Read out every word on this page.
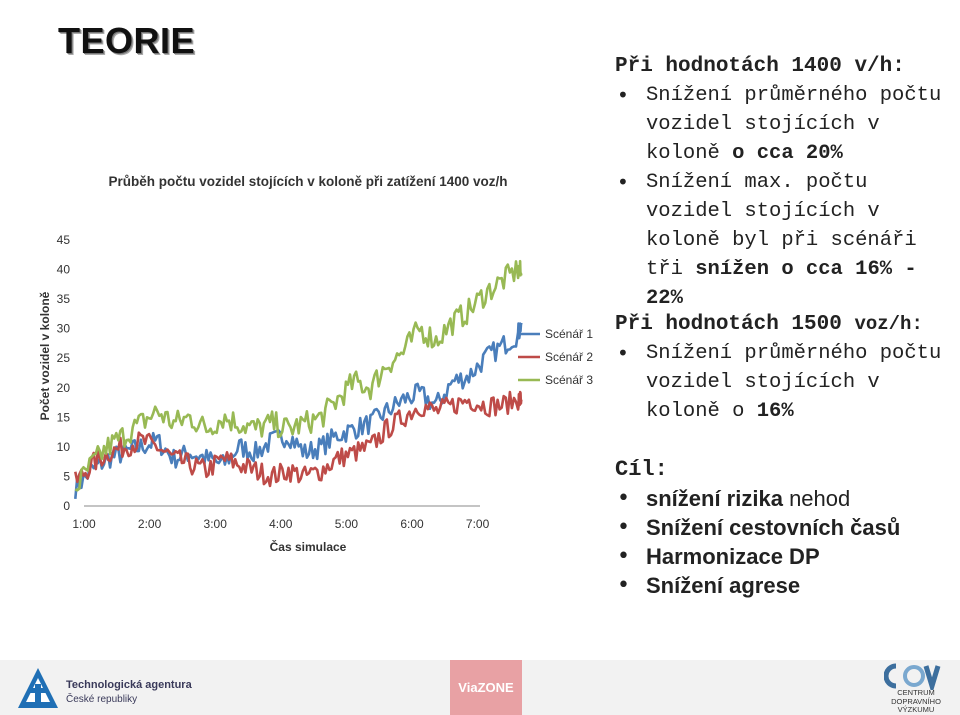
TEORIE
Průběh počtu vozidel stojících v koloně při zatížení 1400 voz/h
Počet vozidel v koloně
Čas simulace
0
5
10
15
20
25
30
35
40
45
1:00	2:00	3:00	4:00	5:00	6:00	7:00
Scénář 1
Scénář 2
Scénář 3
Při hodnotách 1400 v/h:
• Snížení průměrného počtu vozidel stojících v koloně o cca 20%
• Snížení max. počtu vozidel stojících v koloně byl při scénáři tři snížen o cca 16% - 22%
Při hodnotách 1500 voz/h:
• Snížení průměrného počtu vozidel stojících v koloně o 16%
Cíl:
• snížení rizika nehod
• Snížení cestovních časů
• Harmonizace DP
• Snížení agrese
Technologická agentura
České republiky
ViaZONE	CENTRUM
DOPRAVNÍHO
VÝZKUMU
